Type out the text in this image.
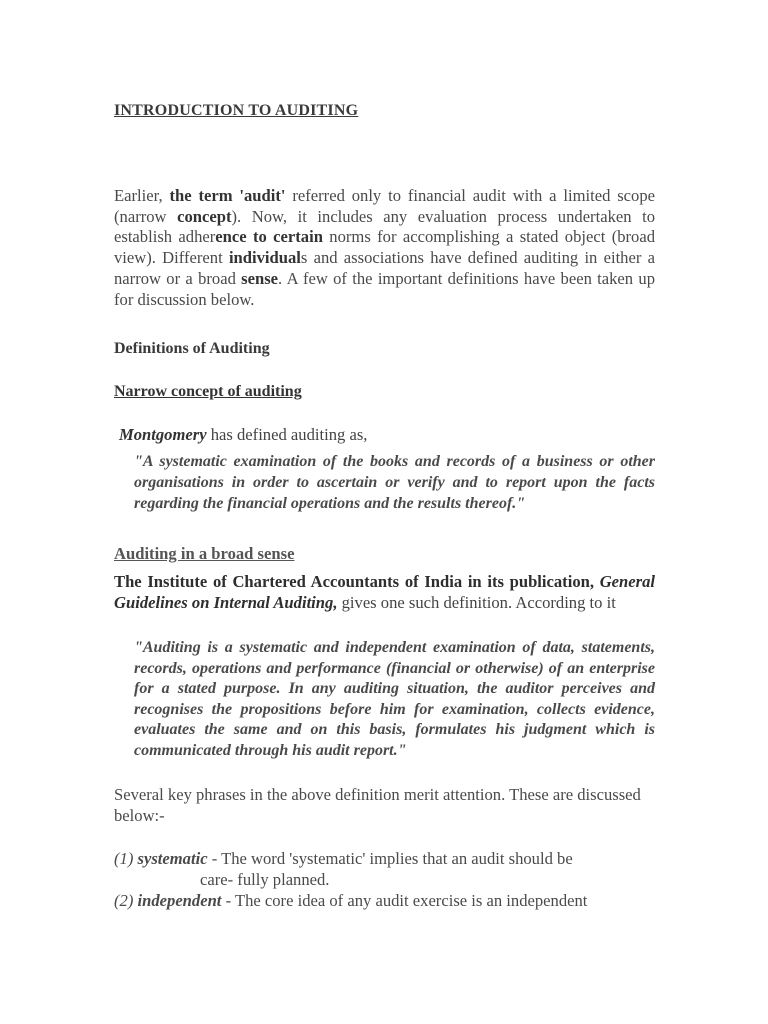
INTRODUCTION TO AUDITING
Earlier, the term 'audit' referred only to financial audit with a limited scope (narrow concept). Now, it includes any evaluation process undertaken to establish adherence to certain norms for accomplishing a stated object (broad view). Different individuals and associations have defined auditing in either a narrow or a broad sense. A few of the important definitions have been taken up for discussion below.
Definitions of Auditing
Narrow concept of auditing
Montgomery has defined auditing as,
"A systematic examination of the books and records of a business or other organisations in order to ascertain or verify and to report upon the facts regarding the financial operations and the results thereof."
Auditing in a broad sense
The Institute of Chartered Accountants of India in its publication, General Guidelines on Internal Auditing, gives one such definition. According to it
"Auditing is a systematic and independent examination of data, statements, records, operations and performance (financial or otherwise) of an enterprise for a stated purpose. In any auditing situation, the auditor perceives and recognises the propositions before him for examination, collects evidence, evaluates the same and on this basis, formulates his judgment which is communicated through his audit report."
Several key phrases in the above definition merit attention. These are discussed
below:-
(1) systematic - The word 'systematic' implies that an audit should be
care- fully planned.
(2) independent - The core idea of any audit exercise is an independent
